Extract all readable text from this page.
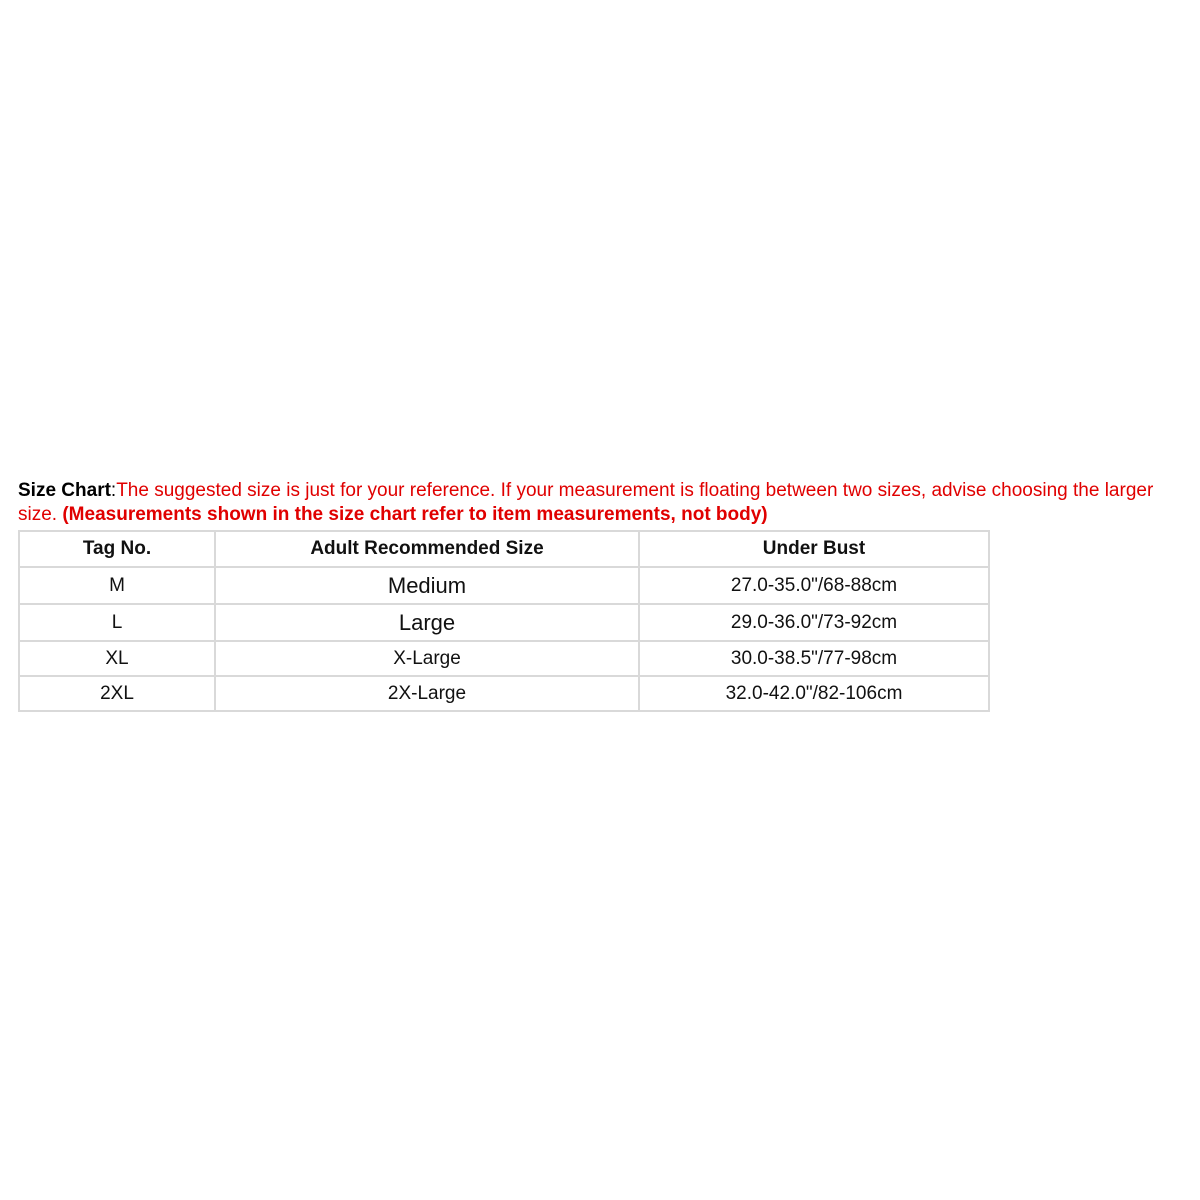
Size Chart:The suggested size is just for your reference. If your measurement is floating between two sizes, advise choosing the larger size. (Measurements shown in the size chart refer to item measurements, not body)

Tag No.	Adult Recommended Size	Under Bust
M	Medium	27.0-35.0"/68-88cm
L	Large	29.0-36.0"/73-92cm
XL	X-Large	30.0-38.5"/77-98cm
2XL	2X-Large	32.0-42.0"/82-106cm
